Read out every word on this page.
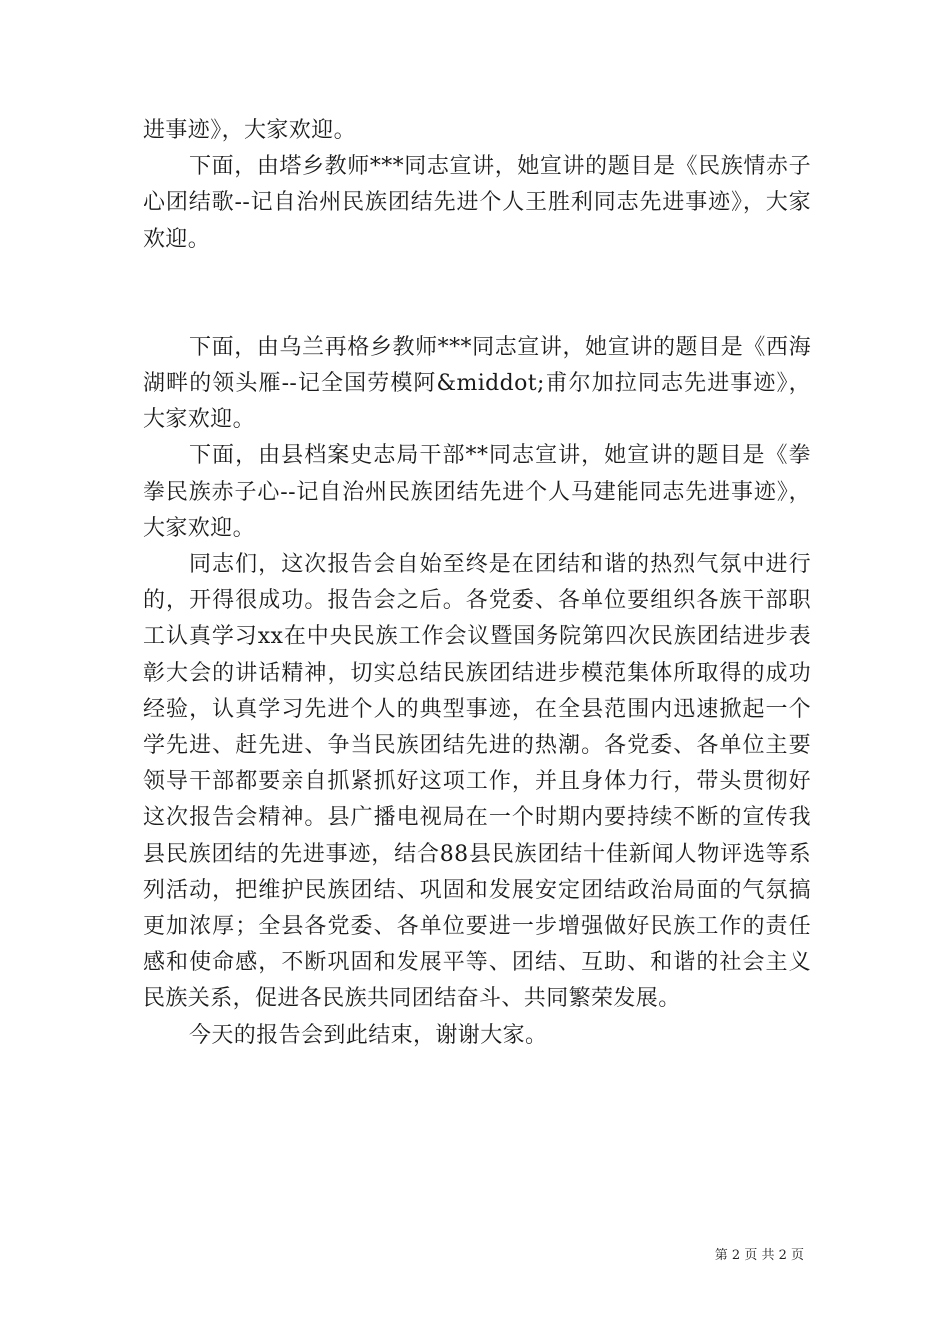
进事迹》，大家欢迎。

下面，由塔乡教师***同志宣讲，她宣讲的题目是《民族情赤子心团结歌--记自治州民族团结先进个人王胜利同志先进事迹》，大家欢迎。

下面，由乌兰再格乡教师***同志宣讲，她宣讲的题目是《西海湖畔的领头雁--记全国劳模阿&middot;甫尔加拉同志先进事迹》，大家欢迎。

下面，由县档案史志局干部**同志宣讲，她宣讲的题目是《拳拳民族赤子心--记自治州民族团结先进个人马建能同志先进事迹》，大家欢迎。

同志们，这次报告会自始至终是在团结和谐的热烈气氛中进行的，开得很成功。报告会之后。各党委、各单位要组织各族干部职工认真学习xx在中央民族工作会议暨国务院第四次民族团结进步表彰大会的讲话精神，切实总结民族团结进步模范集体所取得的成功经验，认真学习先进个人的典型事迹，在全县范围内迅速掀起一个学先进、赶先进、争当民族团结先进的热潮。各党委、各单位主要领导干部都要亲自抓紧抓好这项工作，并且身体力行，带头贯彻好这次报告会精神。县广播电视局在一个时期内要持续不断的宣传我县民族团结的先进事迹，结合88县民族团结十佳新闻人物评选等系列活动，把维护民族团结、巩固和发展安定团结政治局面的气氛搞更加浓厚；全县各党委、各单位要进一步增强做好民族工作的责任感和使命感，不断巩固和发展平等、团结、互助、和谐的社会主义民族关系，促进各民族共同团结奋斗、共同繁荣发展。

今天的报告会到此结束，谢谢大家。

第 2 页 共 2 页
